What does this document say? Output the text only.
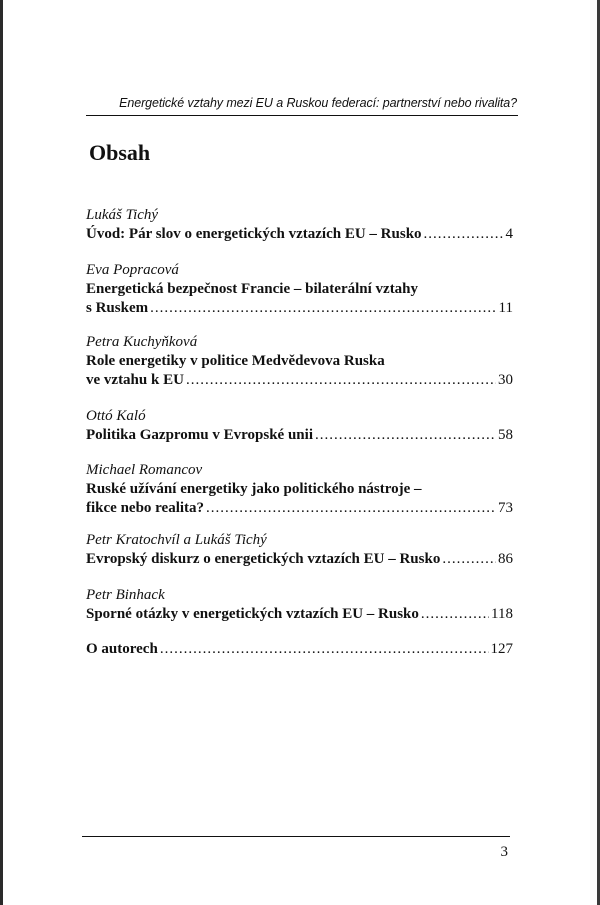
Energetické vztahy mezi EU a Ruskou federací: partnerství nebo rivalita?
Obsah
Lukáš Tichý
Úvod: Pár slov o energetických vztazích EU – Rusko .....	4
Eva Popracová
Energetická bezpečnost Francie – bilaterální vztahy
s Ruskem .....	11
Petra Kuchyňková
Role energetiky v politice Medvědevova Ruska
ve vztahu k EU .....	30
Ottó Kaló
Politika Gazpromu v Evropské unii .....	58
Michael Romancov
Ruské užívání energetiky jako politického nástroje –
fikce nebo realita? .....	73
Petr Kratochvíl a Lukáš Tichý
Evropský diskurz o energetických vztazích EU – Rusko .....	86
Petr Binhack
Sporné otázky v energetických vztazích EU – Rusko .....	118
O autorech .....	127
3
